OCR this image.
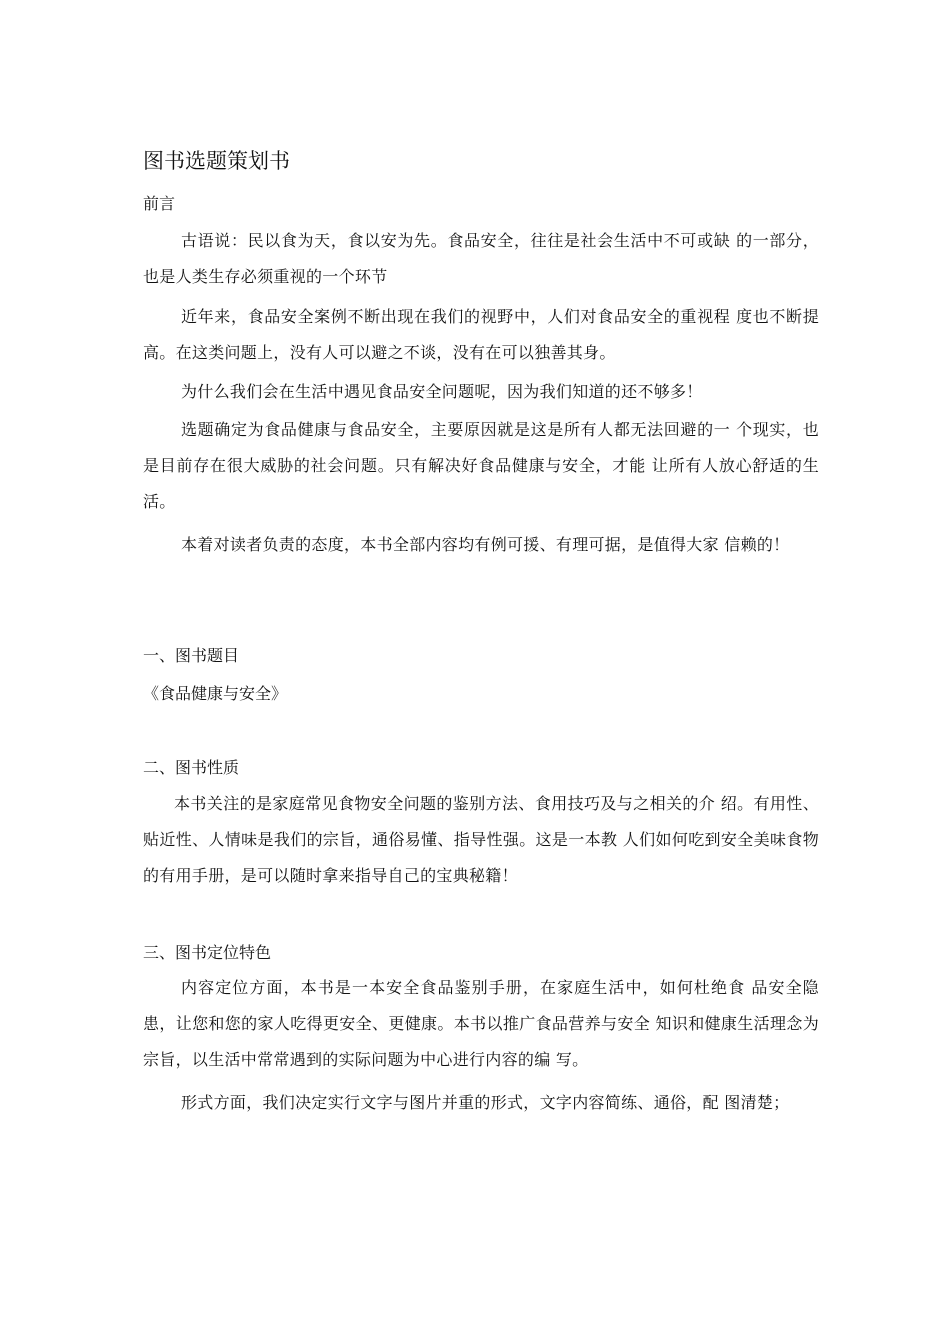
图书选题策划书
前言

古语说：民以食为天，食以安为先。食品安全，往往是社会生活中不可或缺 的一部分，也是人类生存必须重视的一个环节

近年来，食品安全案例不断出现在我们的视野中，人们对食品安全的重视程 度也不断提高。在这类问题上，没有人可以避之不谈，没有在可以独善其身。

为什么我们会在生活中遇见食品安全问题呢，因为我们知道的还不够多！

选题确定为食品健康与食品安全，主要原因就是这是所有人都无法回避的一 个现实，也是目前存在很大威胁的社会问题。只有解决好食品健康与安全，才能 让所有人放心舒适的生活。

本着对读者负责的态度，本书全部内容均有例可援、有理可据，是值得大家 信赖的！

一、图书题目
《食品健康与安全》
二、图书性质

本书关注的是家庭常见食物安全问题的鉴别方法、食用技巧及与之相关的介 绍。有用性、贴近性、人情味是我们的宗旨，通俗易懂、指导性强。这是一本教 人们如何吃到安全美味食物的有用手册，是可以随时拿来指导自己的宝典秘籍！

三、图书定位特色

内容定位方面，本书是一本安全食品鉴别手册，在家庭生活中，如何杜绝食 品安全隐患，让您和您的家人吃得更安全、更健康。本书以推广食品营养与安全 知识和健康生活理念为宗旨，以生活中常常遇到的实际问题为中心进行内容的编 写。

形式方面，我们决定实行文字与图片并重的形式，文字内容简练、通俗，配 图清楚；
